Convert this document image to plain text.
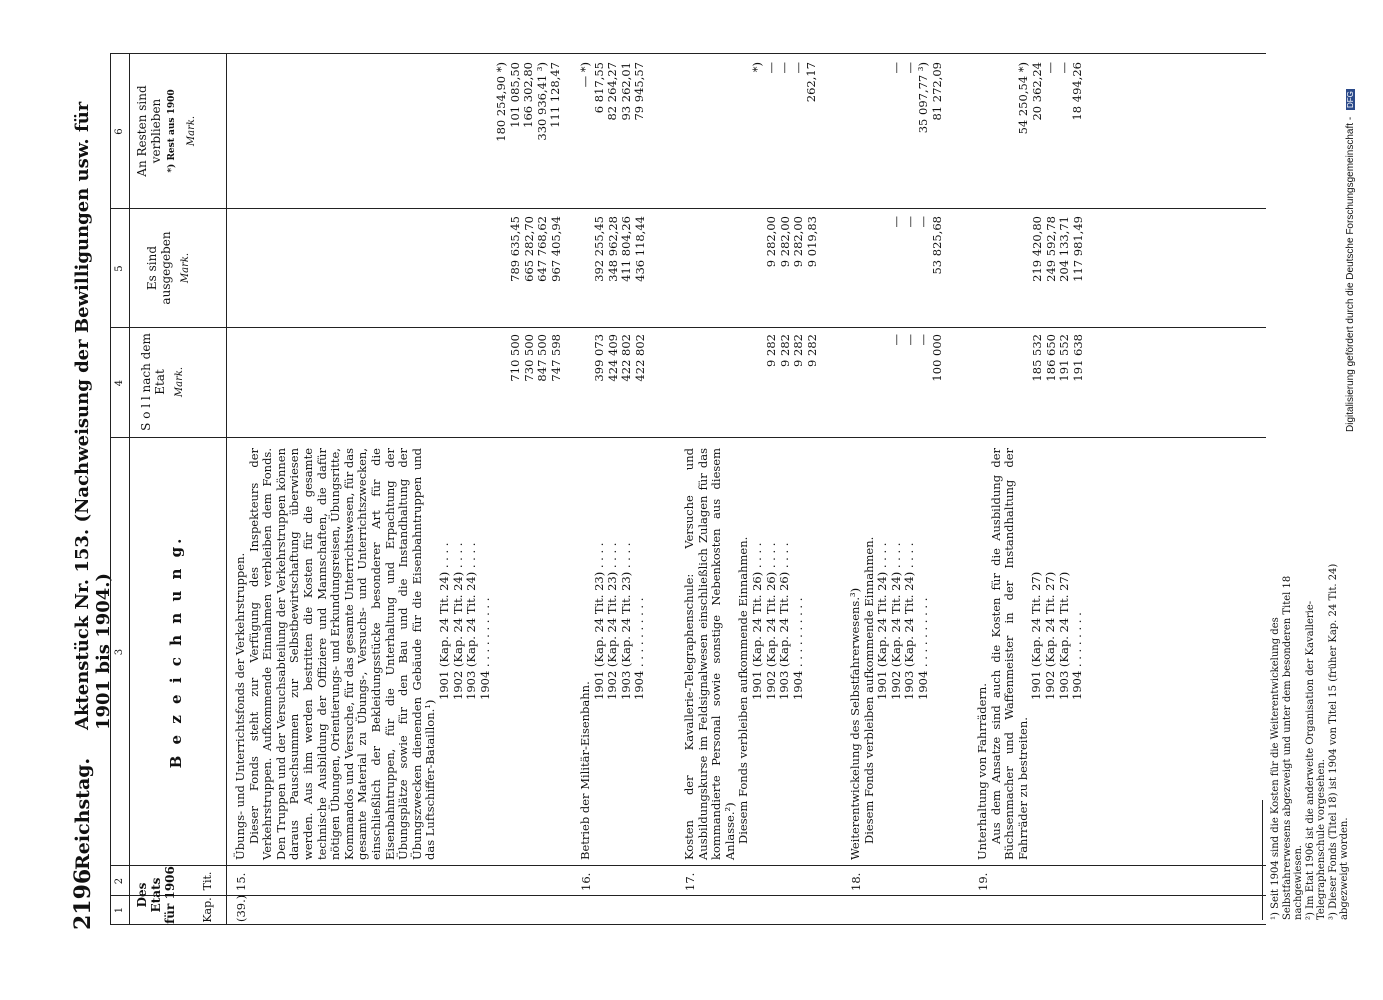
2196
Reichstag.
Aktenstück Nr. 153. (Nachweisung der Bewilligungen usw. für 1901 bis 1904.)
1
2
3
4
5
6
Des Etats
für 1906 Kap.
Tit.
B e z e i c h n u n g.
S o l l nach dem Etat Mark.
Es sind ausgegeben Mark.
An Resten sind verblieben *) Rest aus 1900 Mark.
(39.)
15.
Übungs- und Unterrichtsfonds der Verkehrstruppen. Dieser Fonds steht zur Verfügung des Inspekteurs der Verkehrstruppen. Aufkommende Einnahmen verbleiben dem Fonds. Den Truppen und der Versuchsabteilung der Verkehrstruppen können daraus Pauschsummen zur Selbstbewirtschaftung überwiesen werden. Aus ihm werden bestritten die Kosten für die gesamte technische Ausbildung der Offiziere und Mannschaften, die dafür nötigen Übungen, Orientierungs- und Erkundungsreisen, Übungsritte, Kommandos und Versuche, für das gesamte Unterrichtswesen, für das gesamte Material zu Übungs-, Versuchs- und Unterrichtszwecken, einschließlich der Bekleidungsstücke besonderer Art für die Eisenbahntruppen, für die Unterhaltung und Erpachtung der Übungsplätze sowie für den Bau und die Instandhaltung der Übungszwecken dienenden Gebäude für die Eisenbahntruppen und das Luftschiffer-Bataillon.¹)
1901 (Kap. 24 Tit. 24) . . . . 1902 (Kap. 24 Tit. 24) . . . . 1903 (Kap. 24 Tit. 24) . . . . 1904 . . . . . . . . . .
710 500 730 500 847 500 747 598
789 635,45 665 282,70 647 768,62 967 405,94
180 254,90 *) 101 085,50 166 302,80 330 936,41 ³) 111 128,47
16.
Betrieb der Militär-Eisenbahn.
1901 (Kap. 24 Tit. 23) . . . . 1902 (Kap. 24 Tit. 23) . . . . 1903 (Kap. 24 Tit. 23) . . . . 1904 . . . . . . . . . .
399 073 424 409 422 802 422 802
392 255,45 348 962,28 411 804,26 436 118,44
— *) 6 817,55 82 264,27 93 262,01 79 945,57
17.
Kosten der Kavallerie-Telegraphenschule: Versuche und Ausbildungskurse im Feldsignalwesen einschließlich Zulagen für das kommandierte Personal sowie sonstige Nebenkosten aus diesem Anlasse.²) Diesem Fonds verbleiben aufkommende Einnahmen. 1901 (Kap. 24 Tit. 26) . . . . 1902 (Kap. 24 Tit. 26) . . . . 1903 (Kap. 24 Tit. 26) . . . . 1904 . . . . . . . . . .
9 282 9 282 9 282 9 282
9 282,00 9 282,00 9 282,00 9 019,83
*) — — — 262,17
18.
Weiterentwickelung des Selbstfahrerwesens.³) Diesem Fonds verbleiben aufkommende Einnahmen. 1901 (Kap. 24 Tit. 24) . . . . 1902 (Kap. 24 Tit. 24) . . . . 1903 (Kap. 24 Tit. 24) . . . . 1904 . . . . . . . . . .
— — — 100 000
— — — 53 825,68
— — 35 097,77 ³) 81 272,09
19.
Unterhaltung von Fahrrädern. Aus dem Ansatze sind auch die Kosten für die Ausbildung der Büchsenmacher und Waffenmeister in der Instandhaltung der Fahrräder zu bestreiten.
1901 (Kap. 24 Tit. 27) 1902 (Kap. 24 Tit. 27) 1903 (Kap. 24 Tit. 27) 1904 . . . . . . . .
185 532 186 650 191 552 191 638
219 420,80 249 592,78 204 133,71 117 981,49
54 250,54 *) 20 362,24 — — 18 494,26
¹) Seit 1904 sind die Kosten für die Weiterentwickelung des Selbstfahrerwesens abgezweigt und unter dem besonderen Titel 18 nachgewiesen. ²) Im Etat 1906 ist die anderweite Organisation der Kavallerie-Telegraphenschule vorgesehen. ³) Dieser Fonds (Titel 18) ist 1904 von Titel 15 (früher Kap. 24 Tit. 24) abgezweigt worden.
Digitalisierung gefördert durch die Deutsche Forschungsgemeinschaft - DFG
